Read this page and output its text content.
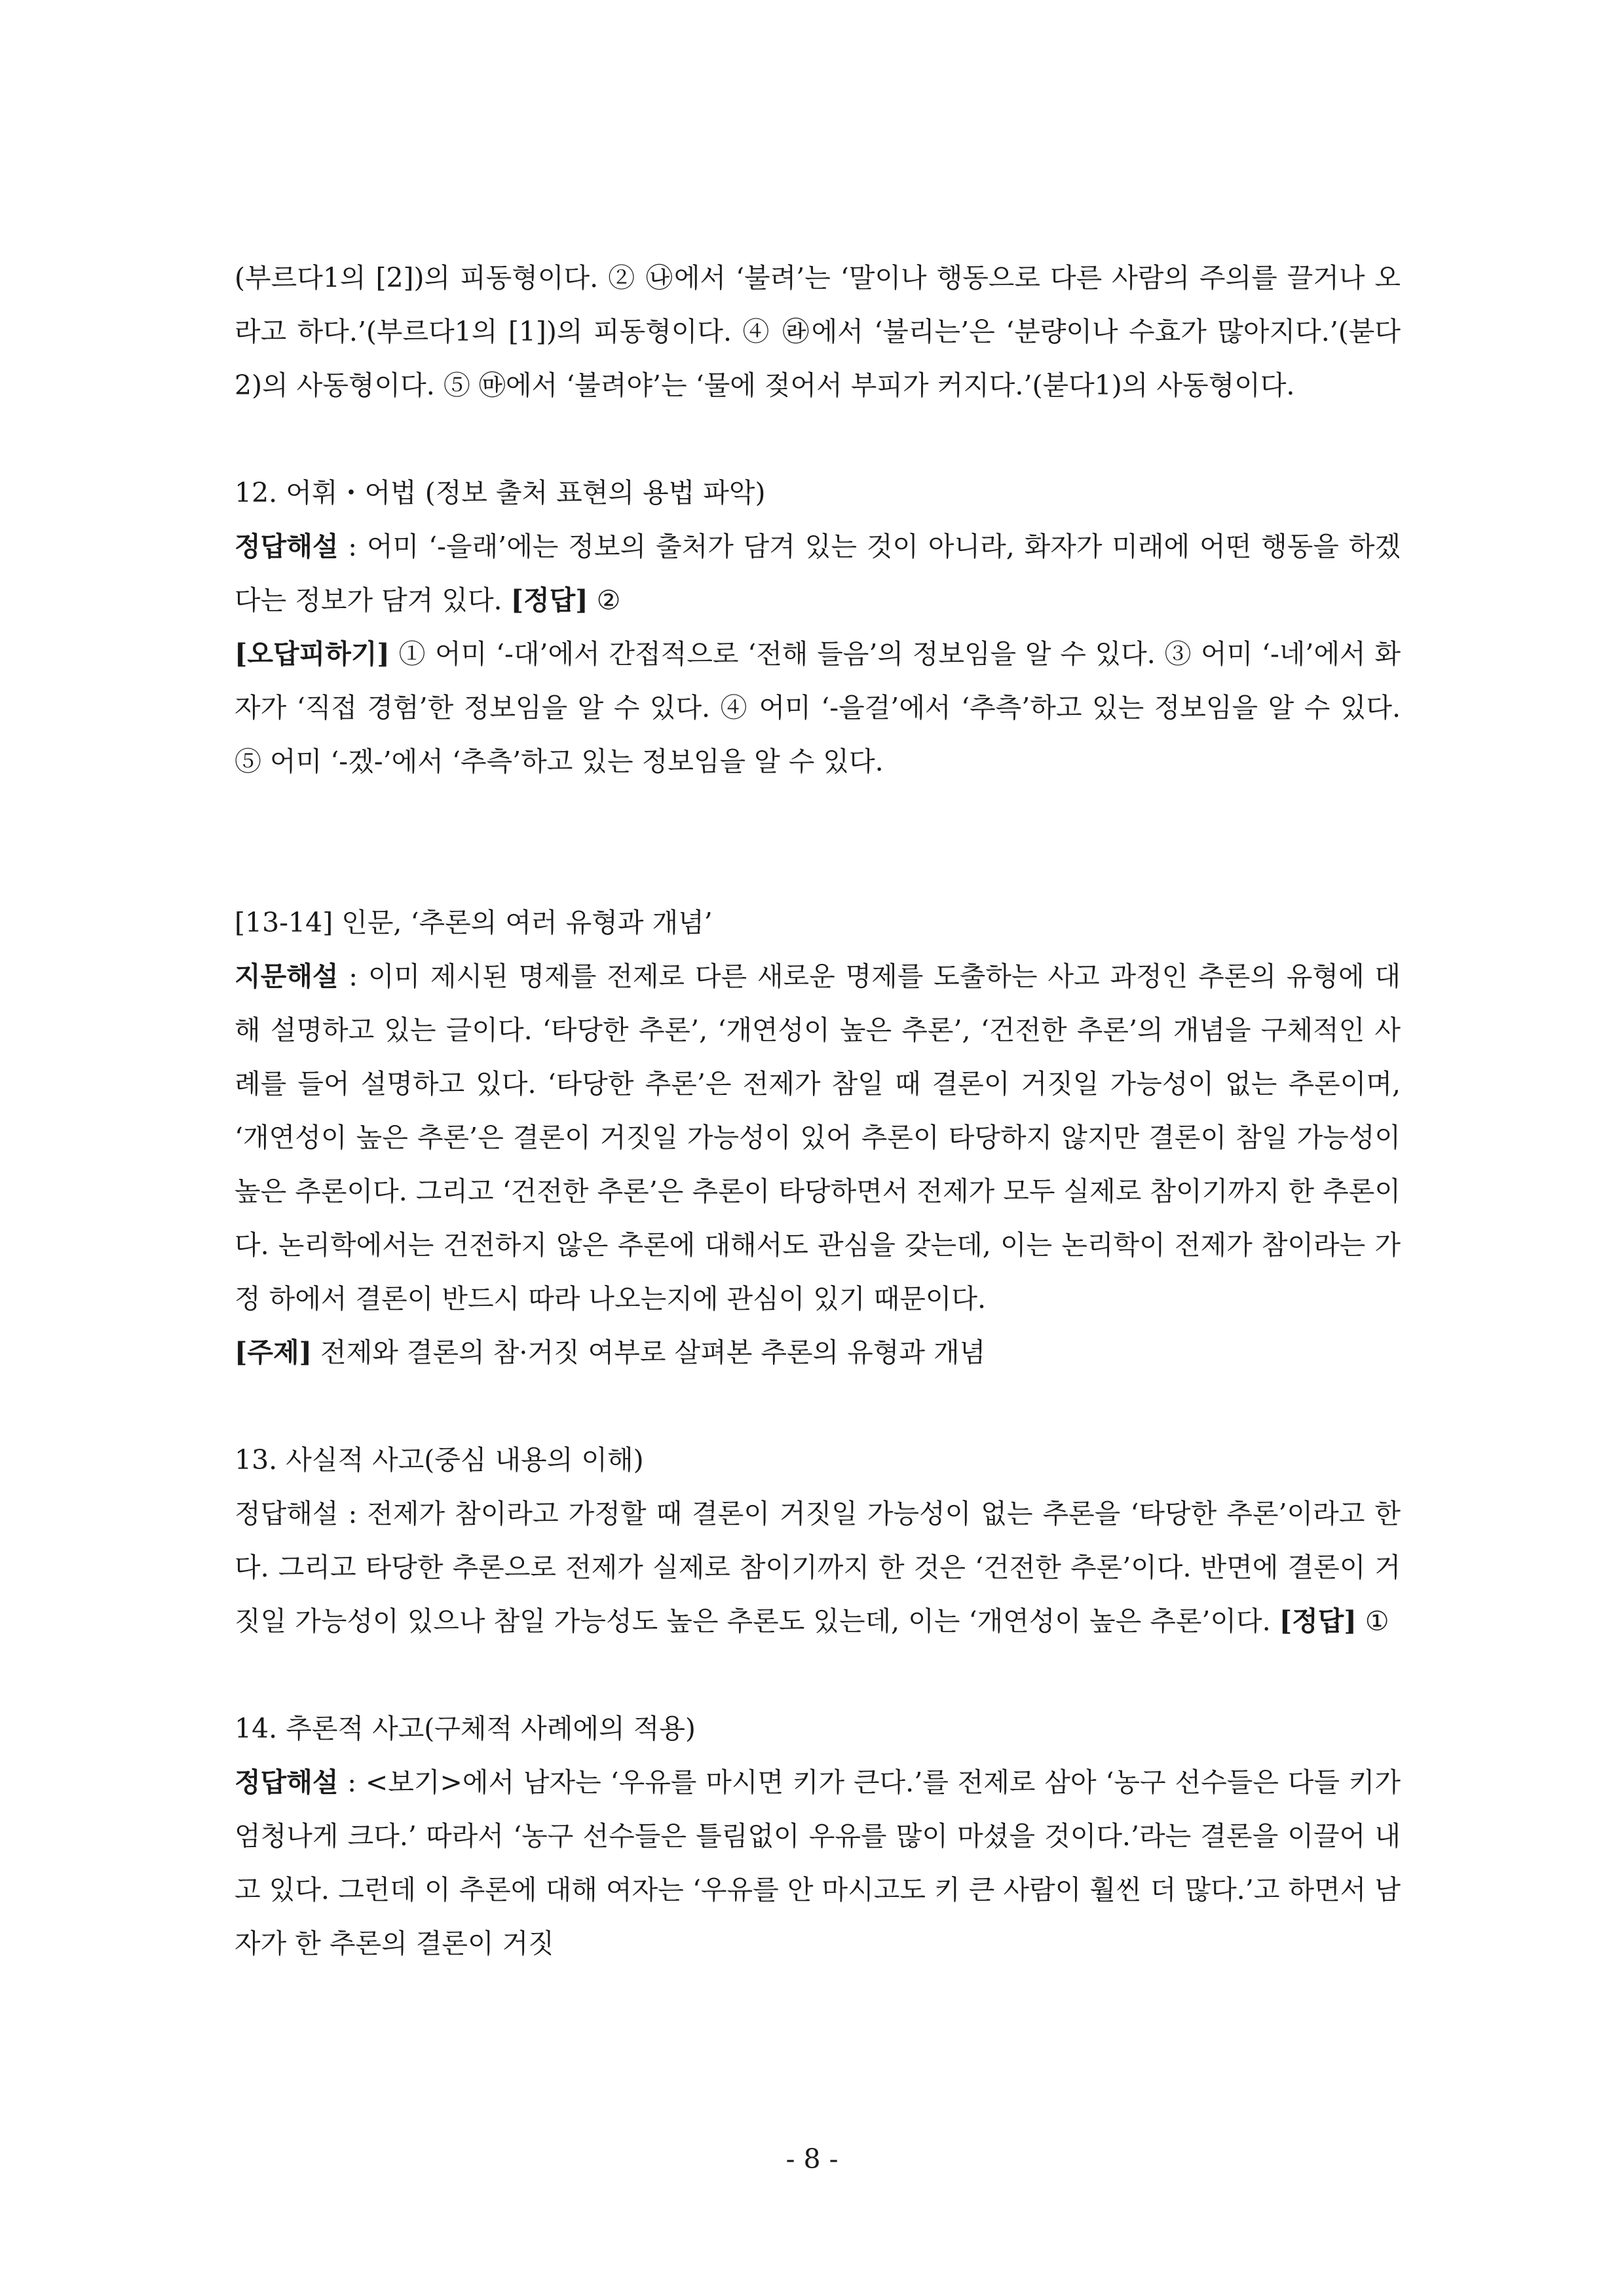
(부르다1의 [2])의 피동형이다. ② ㉯에서 ‘불려’는 ‘말이나 행동으로 다른 사람의 주의를 끌거나 오라고 하다.’(부르다1의 [1])의 피동형이다. ④ ㉱에서 ‘불리는’은 ‘분량이나 수효가 많아지다.’(붇다2)의 사동형이다. ⑤ ㉲에서 ‘불려야’는 ‘물에 젖어서 부피가 커지다.’(붇다1)의 사동형이다.

12. 어휘・어법 (정보 출처 표현의 용법 파악)

정답해설 : 어미 ‘-을래’에는 정보의 출처가 담겨 있는 것이 아니라, 화자가 미래에 어떤 행동을 하겠다는 정보가 담겨 있다. [정답] ②

[오답피하기] ① 어미 ‘-대’에서 간접적으로 ‘전해 들음’의 정보임을 알 수 있다. ③ 어미 ‘-네’에서 화자가 ‘직접 경험’한 정보임을 알 수 있다. ④ 어미 ‘-을걸’에서 ‘추측’하고 있는 정보임을 알 수 있다. ⑤ 어미 ‘-겠-’에서 ‘추측’하고 있는 정보임을 알 수 있다.

[13-14] 인문, ‘추론의 여러 유형과 개념’

지문해설 : 이미 제시된 명제를 전제로 다른 새로운 명제를 도출하는 사고 과정인 추론의 유형에 대해 설명하고 있는 글이다. ‘타당한 추론’, ‘개연성이 높은 추론’, ‘건전한 추론’의 개념을 구체적인 사례를 들어 설명하고 있다. ‘타당한 추론’은 전제가 참일 때 결론이 거짓일 가능성이 없는 추론이며, ‘개연성이 높은 추론’은 결론이 거짓일 가능성이 있어 추론이 타당하지 않지만 결론이 참일 가능성이 높은 추론이다. 그리고 ‘건전한 추론’은 추론이 타당하면서 전제가 모두 실제로 참이기까지 한 추론이다. 논리학에서는 건전하지 않은 추론에 대해서도 관심을 갖는데, 이는 논리학이 전제가 참이라는 가정 하에서 결론이 반드시 따라 나오는지에 관심이 있기 때문이다.

[주제] 전제와 결론의 참·거짓 여부로 살펴본 추론의 유형과 개념

13. 사실적 사고(중심 내용의 이해)

정답해설 : 전제가 참이라고 가정할 때 결론이 거짓일 가능성이 없는 추론을 ‘타당한 추론’이라고 한다. 그리고 타당한 추론으로 전제가 실제로 참이기까지 한 것은 ‘건전한 추론’이다. 반면에 결론이 거짓일 가능성이 있으나 참일 가능성도 높은 추론도 있는데, 이는 ‘개연성이 높은 추론’이다. [정답] ①

14. 추론적 사고(구체적 사례에의 적용)

정답해설 : <보기>에서 남자는 ‘우유를 마시면 키가 큰다.’를 전제로 삼아 ‘농구 선수들은 다들 키가 엄청나게 크다.’ 따라서 ‘농구 선수들은 틀림없이 우유를 많이 마셨을 것이다.’라는 결론을 이끌어 내고 있다. 그런데 이 추론에 대해 여자는 ‘우유를 안 마시고도 키 큰 사람이 훨씬 더 많다.’고 하면서 남자가 한 추론의 결론이 거짓

- 8 -
